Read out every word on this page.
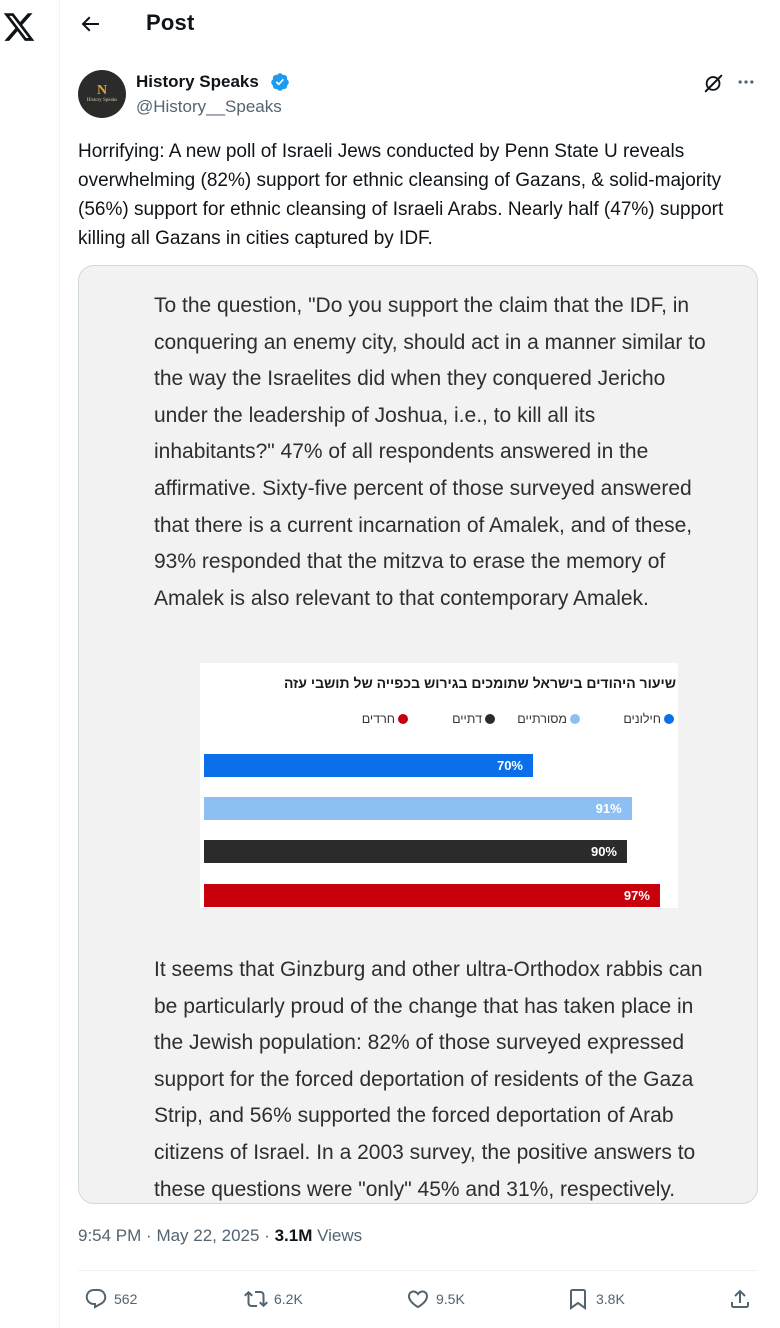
Post
N
History Speaks
History Speaks
@History__Speaks
Horrifying: A new poll of Israeli Jews conducted by Penn State U reveals overwhelming (82%) support for ethnic cleansing of Gazans, & solid-majority (56%) support for ethnic cleansing of Israeli Arabs. Nearly half (47%) support killing all Gazans in cities captured by IDF.
To the question, "Do you support the claim that the IDF, in conquering an enemy city, should act in a manner similar to the way the Israelites did when they conquered Jericho under the leadership of Joshua, i.e., to kill all its inhabitants?" 47% of all respondents answered in the affirmative. Sixty-five percent of those surveyed answered that there is a current incarnation of Amalek, and of these, 93% responded that the mitzva to erase the memory of Amalek is also relevant to that contemporary Amalek.
שיעור היהודים בישראל שתומכים בגירוש בכפייה של תושבי עזה
חילונים
מסורתיים
דתיים
חרדים
70%
91%
90%
97%
It seems that Ginzburg and other ultra-Orthodox rabbis can be particularly proud of the change that has taken place in the Jewish population: 82% of those surveyed expressed support for the forced deportation of residents of the Gaza Strip, and 56% supported the forced deportation of Arab citizens of Israel. In a 2003 survey, the positive answers to these questions were "only" 45% and 31%, respectively.
9:54 PM · May 22, 2025 · 3.1M Views
562	6.2K	9.5K	3.8K
